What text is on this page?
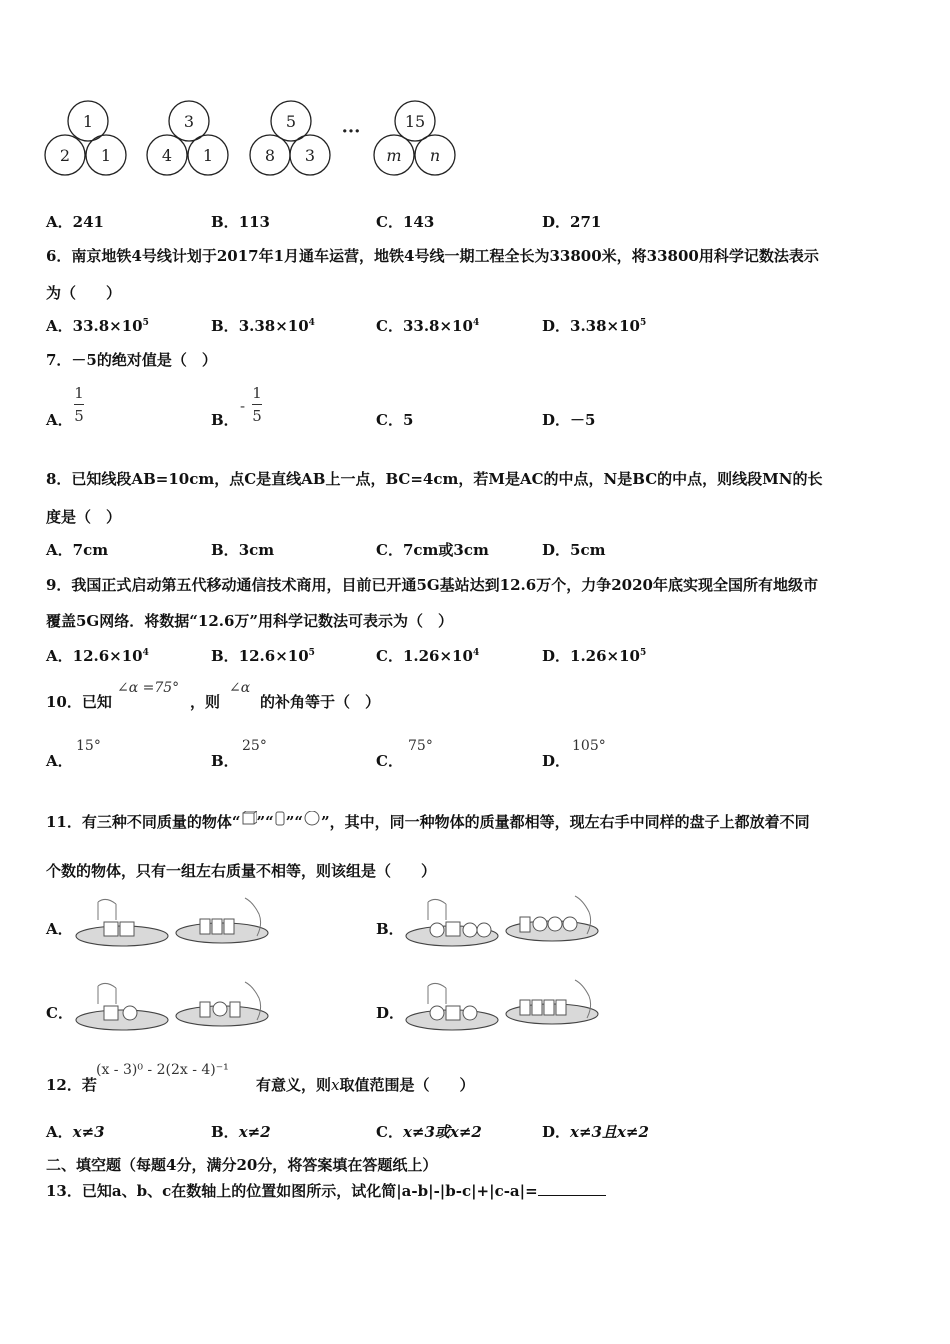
1
2 1
3
4 1
5
8 3
15
m n
···
A．241	B．113	C．143	D．271
6．南京地铁4号线计划于2017年1月通车运营，地铁4号线一期工程全长为33800米，将33800用科学记数法表示
为（　　）
A．$33.8\times 10^5$	B．$3.38\times 10^4$	C．$33.8\times 10^4$	D．$3.38\times 10^5$
7．－5的绝对值是（　）
A．
1
5	B．
-
1
5	C．5	D．－5
8．已知线段AB=10cm，点C是直线AB上一点，BC=4cm，若M是AC的中点，N是BC的中点，则线段MN的长
度是（　）
A．7cm	B．3cm	C．7cm或3cm	D．5cm
9．我国正式启动第五代移动通信技术商用，目前已开通5G基站达到12.6万个，力争2020年底实现全国所有地级市
覆盖5G网络．将数据“12.6万”用科学记数法可表示为（　）
A．$12.6\times 10^4$	B．$12.6\times 10^5$	C．$1.26\times 10^4$	D．$1.26\times 10^5$
10．已知
∠α =75°
，则
∠α
的补角等于（　）
A．
15°
B．
25°
C．
75°
D．
105°
11．有三种不同质量的物体“ ”“ ”“ ”，其中，同一种物体的质量都相等，现左右手中同样的盘子上都放着不同
个数的物体，只有一组左右质量不相等，则该组是（　　）
A．	B．
C．	D．
12．若
(x - 3)⁰ - 2(2x - 4)⁻¹
有意义，则x取值范围是（　　）
A．x≠3	B．x≠2	C．x≠3或x≠2	D．x≠3且x≠2
二、填空题（每题4分，满分20分，将答案填在答题纸上）
13．已知a、b、c在数轴上的位置如图所示，试化简|a-b|-|b-c|+|c-a|=
